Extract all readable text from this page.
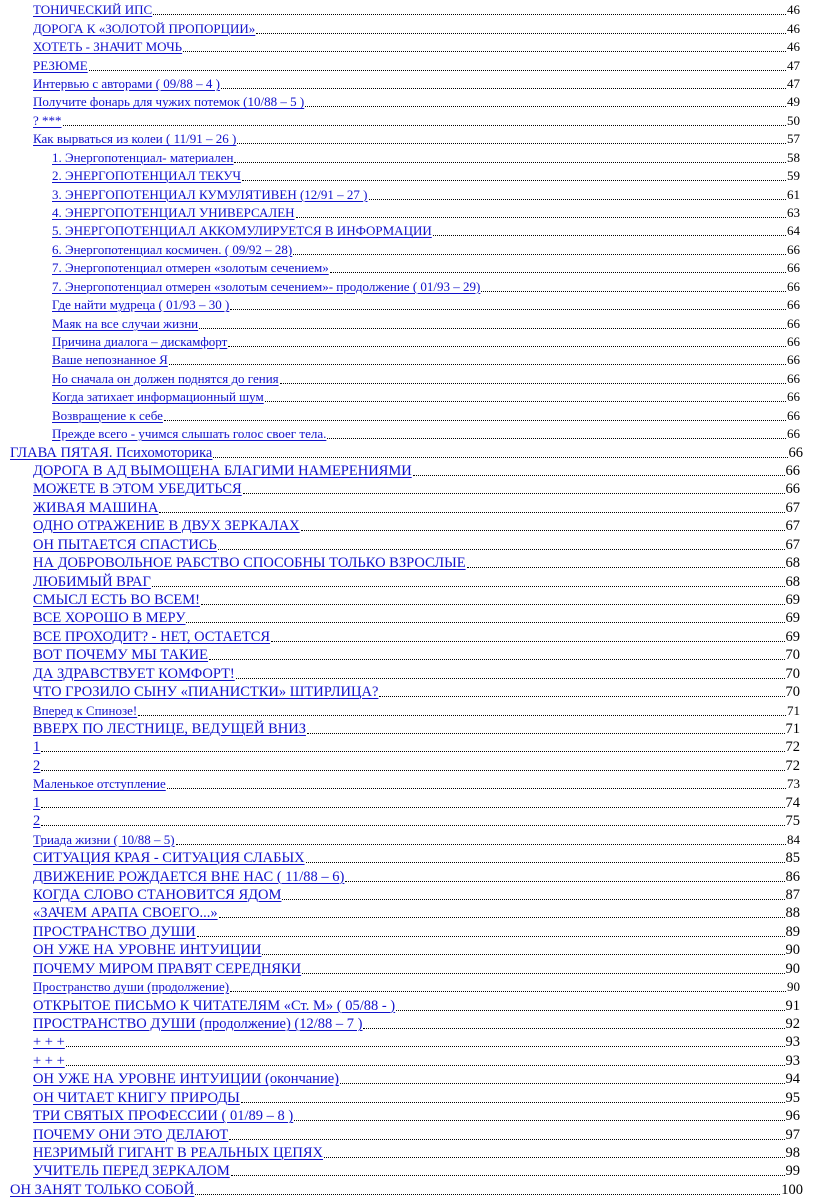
ТОНИЧЕСКИЙ ИПС	46
ДОРОГА К «ЗОЛОТОЙ ПРОПОРЦИИ»	46
ХОТЕТЬ - ЗНАЧИТ МОЧЬ	46
РЕЗЮМЕ	47
Интервью с авторами ( 09/88 – 4 )	47
Получите фонарь для чужих потемок (10/88 – 5 )	49
? ***	50
Как вырваться из колеи ( 11/91 – 26 )	57
1. Энергопотенциал- материален	58
2. ЭНЕРГОПОТЕНЦИАЛ ТЕКУЧ	59
3. ЭНЕРГОПОТЕНЦИАЛ КУМУЛЯТИВЕН (12/91 – 27 )	61
4. ЭНЕРГОПОТЕНЦИАЛ УНИВЕРСАЛЕН	63
5. ЭНЕРГОПОТЕНЦИАЛ АККОМУЛИРУЕТСЯ В ИНФОРМАЦИИ	64
6. Энергопотенциал космичен. ( 09/92 – 28)	66
7. Энергопотенциал отмерен «золотым сечением»	66
7. Энергопотенциал отмерен «золотым сечением»- продолжение ( 01/93 – 29)	66
Где найти мудреца ( 01/93 – 30 )	66
Маяк на все случаи жизни	66
Причина диалога – дискамфорт	66
Ваше непознанное Я	66
Но сначала он должен поднятся до гения	66
Когда затихает информационный шум	66
Возвращение к себе	66
Прежде всего - учимся слышать голос своег тела.	66
ГЛАВА ПЯТАЯ. Психомоторика	66
ДОРОГА В АД ВЫМОЩЕНА БЛАГИМИ НАМЕРЕНИЯМИ	66
МОЖЕТЕ В ЭТОМ УБЕДИТЬСЯ	66
ЖИВАЯ МАШИНА	67
ОДНО ОТРАЖЕНИЕ В ДВУХ ЗЕРКАЛАХ	67
ОН ПЫТАЕТСЯ СПАСТИСЬ	67
НА ДОБРОВОЛЬНОЕ РАБСТВО СПОСОБНЫ ТОЛЬКО ВЗРОСЛЫЕ	68
ЛЮБИМЫЙ ВРАГ	68
СМЫСЛ ЕСТЬ ВО ВСЕМ!	69
ВСЕ ХОРОШО В МЕРУ	69
ВСЕ ПРОХОДИТ? - НЕТ, ОСТАЕТСЯ	69
ВОТ ПОЧЕМУ МЫ ТАКИЕ	70
ДА ЗДРАВСТВУЕТ КОМФОРТ!	70
ЧТО ГРОЗИЛО СЫНУ «ПИАНИСТКИ» ШТИРЛИЦА?	70
Вперед к Спинозе!	71
ВВЕРХ ПО ЛЕСТНИЦЕ, ВЕДУЩЕЙ ВНИЗ	71
1	72
2	72
Маленькое отступление	73
1	74
2	75
Триада жизни ( 10/88 – 5)	84
СИТУАЦИЯ КРАЯ - СИТУАЦИЯ СЛАБЫХ	85
ДВИЖЕНИЕ РОЖДАЕТСЯ ВНЕ НАС ( 11/88 – 6)	86
КОГДА СЛОВО СТАНОВИТСЯ ЯДОМ	87
«ЗАЧЕМ АРАПА СВОЕГО...»	88
ПРОСТРАНСТВО ДУШИ	89
ОН УЖЕ НА УРОВНЕ ИНТУИЦИИ	90
ПОЧЕМУ МИРОМ ПРАВЯТ СЕРЕДНЯКИ	90
Пространство души (продолжение)	90
ОТКРЫТОЕ ПИСЬМО К ЧИТАТЕЛЯМ «Ст. М» ( 05/88 - )	91
ПРОСТРАНСТВО ДУШИ (продолжение) (12/88 – 7 )	92
+ + +	93
+ + +	93
ОН УЖЕ НА УРОВНЕ ИНТУИЦИИ (окончание)	94
ОН ЧИТАЕТ КНИГУ ПРИРОДЫ	95
ТРИ СВЯТЫХ ПРОФЕССИИ ( 01/89 – 8 )	96
ПОЧЕМУ ОНИ ЭТО ДЕЛАЮТ	97
НЕЗРИМЫЙ ГИГАНТ В РЕАЛЬНЫХ ЦЕПЯХ	98
УЧИТЕЛЬ ПЕРЕД ЗЕРКАЛОМ	99
ОН ЗАНЯТ ТОЛЬКО СОБОЙ	100
